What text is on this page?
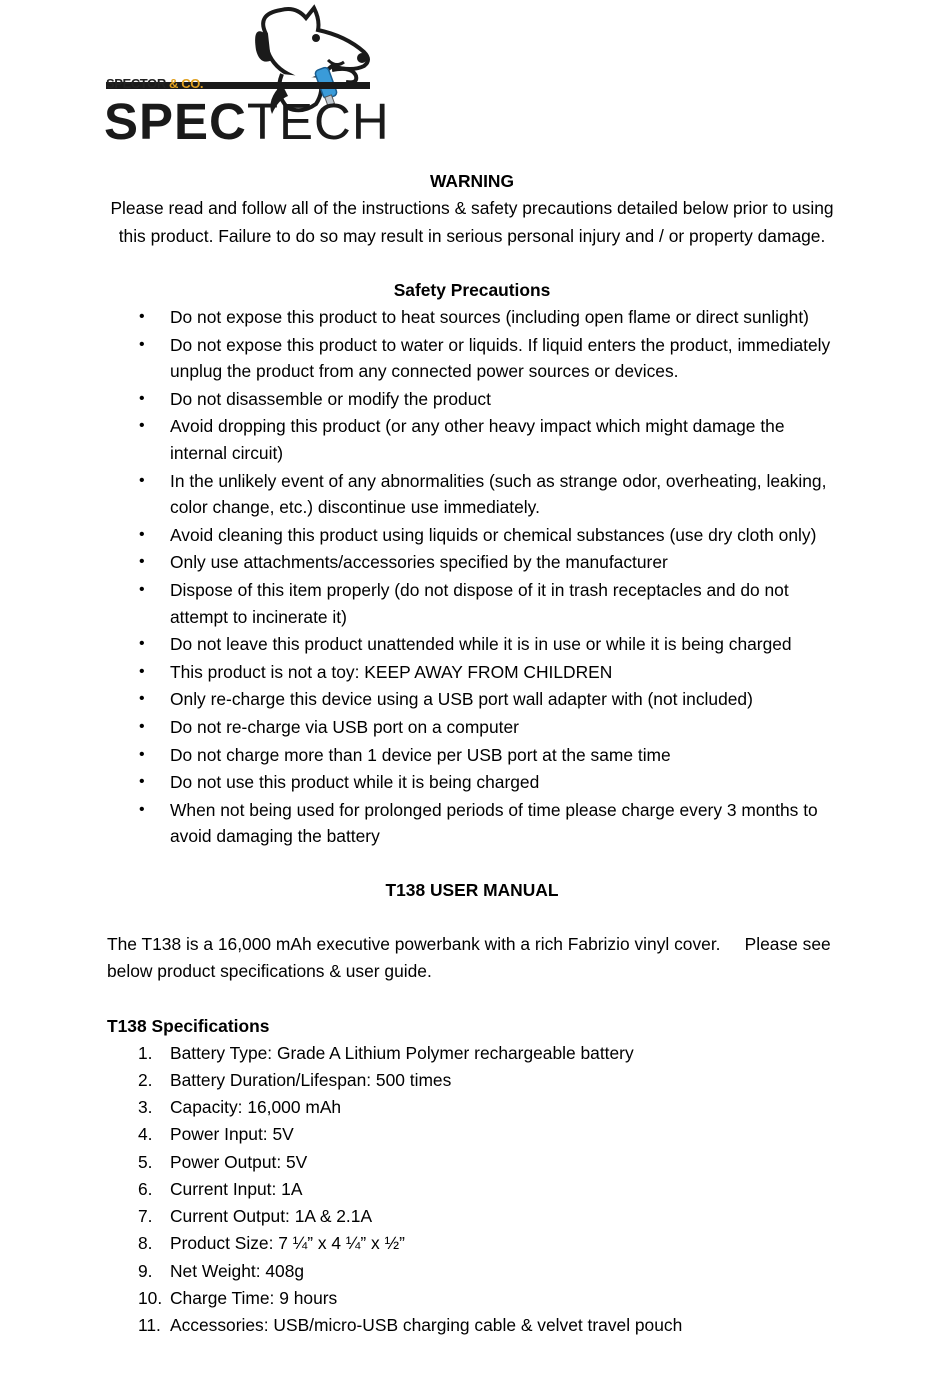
SPECTOR & CO.
SPECTECH
WARNING

Please read and follow all of the instructions & safety precautions detailed below prior to using this product. Failure to do so may result in serious personal injury and / or property damage.

Safety Precautions
• Do not expose this product to heat sources (including open flame or direct sunlight)
• Do not expose this product to water or liquids. If liquid enters the product, immediately unplug the product from any connected power sources or devices.
• Do not disassemble or modify the product
• Avoid dropping this product (or any other heavy impact which might damage the internal circuit)
• In the unlikely event of any abnormalities (such as strange odor, overheating, leaking, color change, etc.) discontinue use immediately.
• Avoid cleaning this product using liquids or chemical substances (use dry cloth only)
• Only use attachments/accessories specified by the manufacturer
• Dispose of this item properly (do not dispose of it in trash receptacles and do not attempt to incinerate it)
• Do not leave this product unattended while it is in use or while it is being charged
• This product is not a toy: KEEP AWAY FROM CHILDREN
• Only re-charge this device using a USB port wall adapter with (not included)
• Do not re-charge via USB port on a computer
• Do not charge more than 1 device per USB port at the same time
• Do not use this product while it is being charged
• When not being used for prolonged periods of time please charge every 3 months to avoid damaging the battery
T138 USER MANUAL
The T138 is a 16,000 mAh executive powerbank with a rich Fabrizio vinyl cover. Please see below product specifications & user guide.
T138 Specifications
1. Battery Type: Grade A Lithium Polymer rechargeable battery
2. Battery Duration/Lifespan: 500 times
3. Capacity: 16,000 mAh
4. Power Input: 5V
5. Power Output: 5V
6. Current Input: 1A
7. Current Output: 1A & 2.1A
8. Product Size: 7 ¼” x 4 ¼” x ½”
9. Net Weight: 408g
10. Charge Time: 9 hours
11. Accessories: USB/micro-USB charging cable & velvet travel pouch
